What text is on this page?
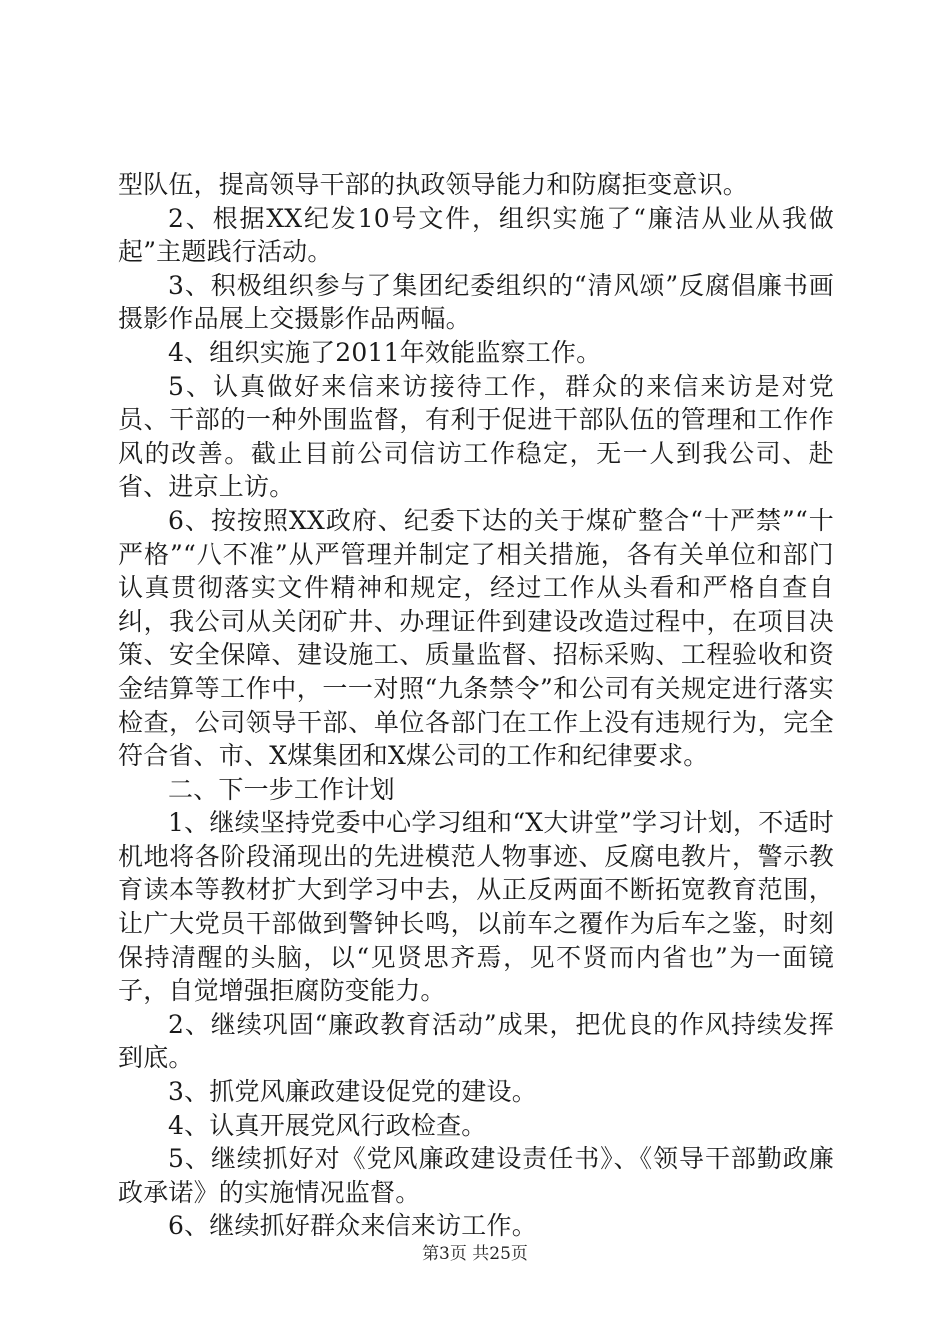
型队伍，提高领导干部的执政领导能力和防腐拒变意识。

2、根据XX纪发10号文件，组织实施了“廉洁从业从我做起”主题践行活动。

3、积极组织参与了集团纪委组织的“清风颂”反腐倡廉书画摄影作品展上交摄影作品两幅。

4、组织实施了2011年效能监察工作。

5、认真做好来信来访接待工作，群众的来信来访是对党员、干部的一种外围监督，有利于促进干部队伍的管理和工作作风的改善。截止目前公司信访工作稳定，无一人到我公司、赴省、进京上访。

6、按按照XX政府、纪委下达的关于煤矿整合“十严禁”“十严格”“八不准”从严管理并制定了相关措施，各有关单位和部门认真贯彻落实文件精神和规定，经过工作从头看和严格自查自纠，我公司从关闭矿井、办理证件到建设改造过程中，在项目决策、安全保障、建设施工、质量监督、招标采购、工程验收和资金结算等工作中，一一对照“九条禁令”和公司有关规定进行落实检查，公司领导干部、单位各部门在工作上没有违规行为，完全符合省、市、X煤集团和X煤公司的工作和纪律要求。

二、下一步工作计划

1、继续坚持党委中心学习组和“X大讲堂”学习计划，不适时机地将各阶段涌现出的先进模范人物事迹、反腐电教片，警示教育读本等教材扩大到学习中去，从正反两面不断拓宽教育范围，让广大党员干部做到警钟长鸣，以前车之覆作为后车之鉴，时刻保持清醒的头脑，以“见贤思齐焉，见不贤而内省也”为一面镜子，自觉增强拒腐防变能力。

2、继续巩固“廉政教育活动”成果，把优良的作风持续发挥到底。

3、抓党风廉政建设促党的建设。

4、认真开展党风行政检查。

5、继续抓好对《党风廉政建设责任书》、《领导干部勤政廉政承诺》的实施情况监督。

6、继续抓好群众来信来访工作。

第3页 共25页
